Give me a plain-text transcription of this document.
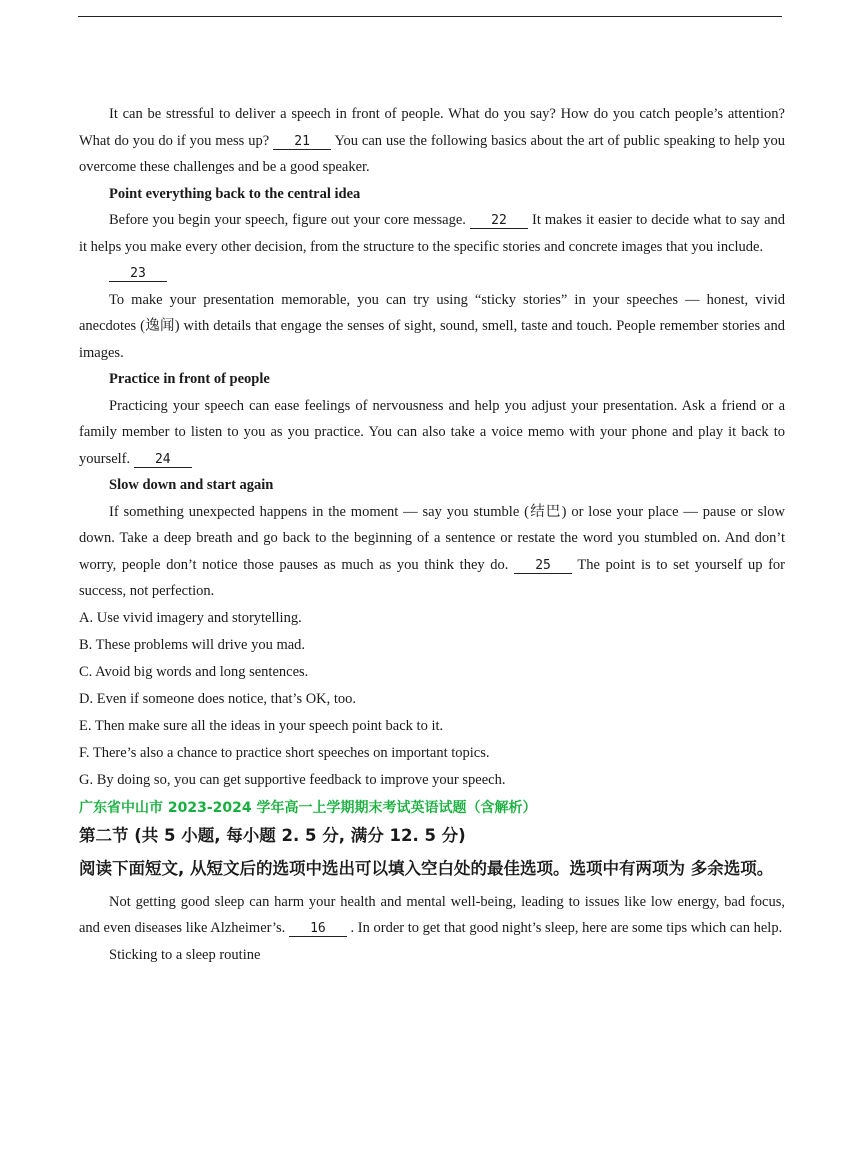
It can be stressful to deliver a speech in front of people. What do you say? How do you catch people’s attention? What do you do if you mess up? 21 You can use the following basics about the art of public speaking to help you overcome these challenges and be a good speaker.

Point everything back to the central idea

Before you begin your speech, figure out your core message. 22 It makes it easier to decide what to say and it helps you make every other decision, from the structure to the specific stories and concrete images that you include.

23

To make your presentation memorable, you can try using “sticky stories” in your speeches — honest, vivid anecdotes (逸闻) with details that engage the senses of sight, sound, smell, taste and touch. People remember stories and images.

Practice in front of people

Practicing your speech can ease feelings of nervousness and help you adjust your presentation. Ask a friend or a family member to listen to you as you practice. You can also take a voice memo with your phone and play it back to yourself. 24

Slow down and start again

If something unexpected happens in the moment — say you stumble (结巴) or lose your place — pause or slow down. Take a deep breath and go back to the beginning of a sentence or restate the word you stumbled on. And don’t worry, people don’t notice those pauses as much as you think they do. 25 The point is to set yourself up for success, not perfection.

A. Use vivid imagery and storytelling.

B. These problems will drive you mad.

C. Avoid big words and long sentences.

D. Even if someone does notice, that’s OK, too.

E. Then make sure all the ideas in your speech point back to it.

F. There’s also a chance to practice short speeches on important topics.

G. By doing so, you can get supportive feedback to improve your speech.

广东省中山市 2023-2024 学年高一上学期期末考试英语试题（含解析）

第二节 (共 5 小题, 每小题 2. 5 分, 满分 12. 5 分)

阅读下面短文, 从短文后的选项中选出可以填入空白处的最佳选项。选项中有两项为 多余选项。

Not getting good sleep can harm your health and mental well-being, leading to issues like low energy, bad focus, and even diseases like Alzheimer’s. 16 . In order to get that good night’s sleep, here are some tips which can help.

Sticking to a sleep routine
